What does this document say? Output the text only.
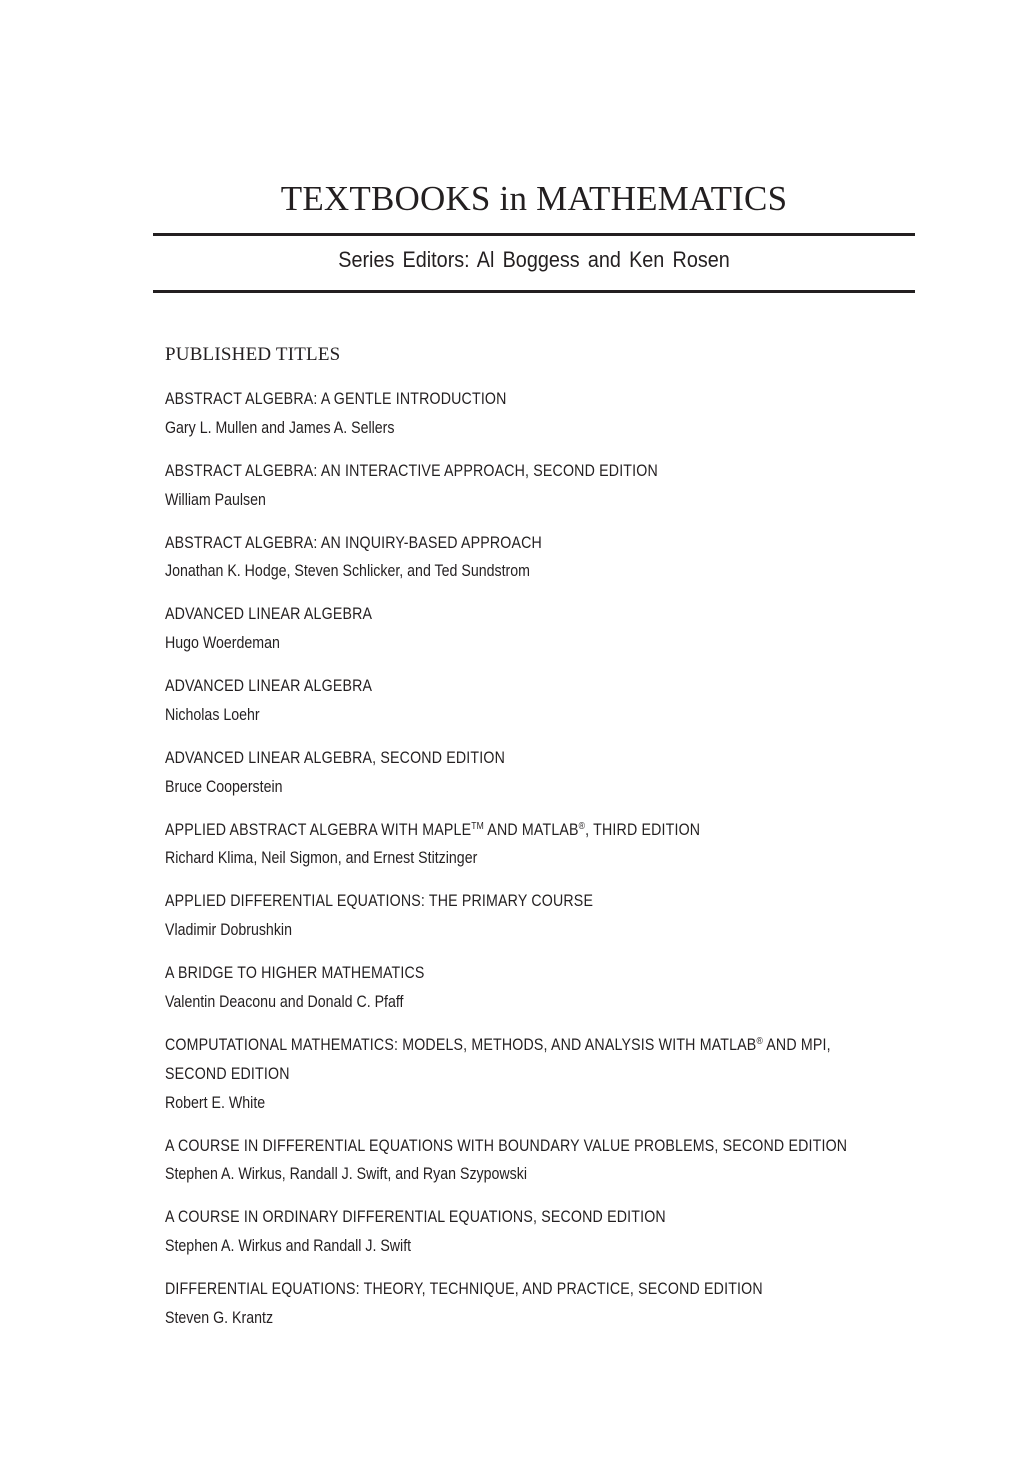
TEXTBOOKS in MATHEMATICS
Series Editors: Al Boggess and Ken Rosen
PUBLISHED TITLES
ABSTRACT ALGEBRA: A GENTLE INTRODUCTION
Gary L. Mullen and James A. Sellers
ABSTRACT ALGEBRA: AN INTERACTIVE APPROACH, SECOND EDITION
William Paulsen
ABSTRACT ALGEBRA: AN INQUIRY-BASED APPROACH
Jonathan K. Hodge, Steven Schlicker, and Ted Sundstrom
ADVANCED LINEAR ALGEBRA
Hugo Woerdeman
ADVANCED LINEAR ALGEBRA
Nicholas Loehr
ADVANCED LINEAR ALGEBRA, SECOND EDITION
Bruce Cooperstein
APPLIED ABSTRACT ALGEBRA WITH MAPLE™ AND MATLAB®, THIRD EDITION
Richard Klima, Neil Sigmon, and Ernest Stitzinger
APPLIED DIFFERENTIAL EQUATIONS: THE PRIMARY COURSE
Vladimir Dobrushkin
A BRIDGE TO HIGHER MATHEMATICS
Valentin Deaconu and Donald C. Pfaff
COMPUTATIONAL MATHEMATICS: MODELS, METHODS, AND ANALYSIS WITH MATLAB® AND MPI,
SECOND EDITION
Robert E. White
A COURSE IN DIFFERENTIAL EQUATIONS WITH BOUNDARY VALUE PROBLEMS, SECOND EDITION
Stephen A. Wirkus, Randall J. Swift, and Ryan Szypowski
A COURSE IN ORDINARY DIFFERENTIAL EQUATIONS, SECOND EDITION
Stephen A. Wirkus and Randall J. Swift
DIFFERENTIAL EQUATIONS: THEORY, TECHNIQUE, AND PRACTICE, SECOND EDITION
Steven G. Krantz
